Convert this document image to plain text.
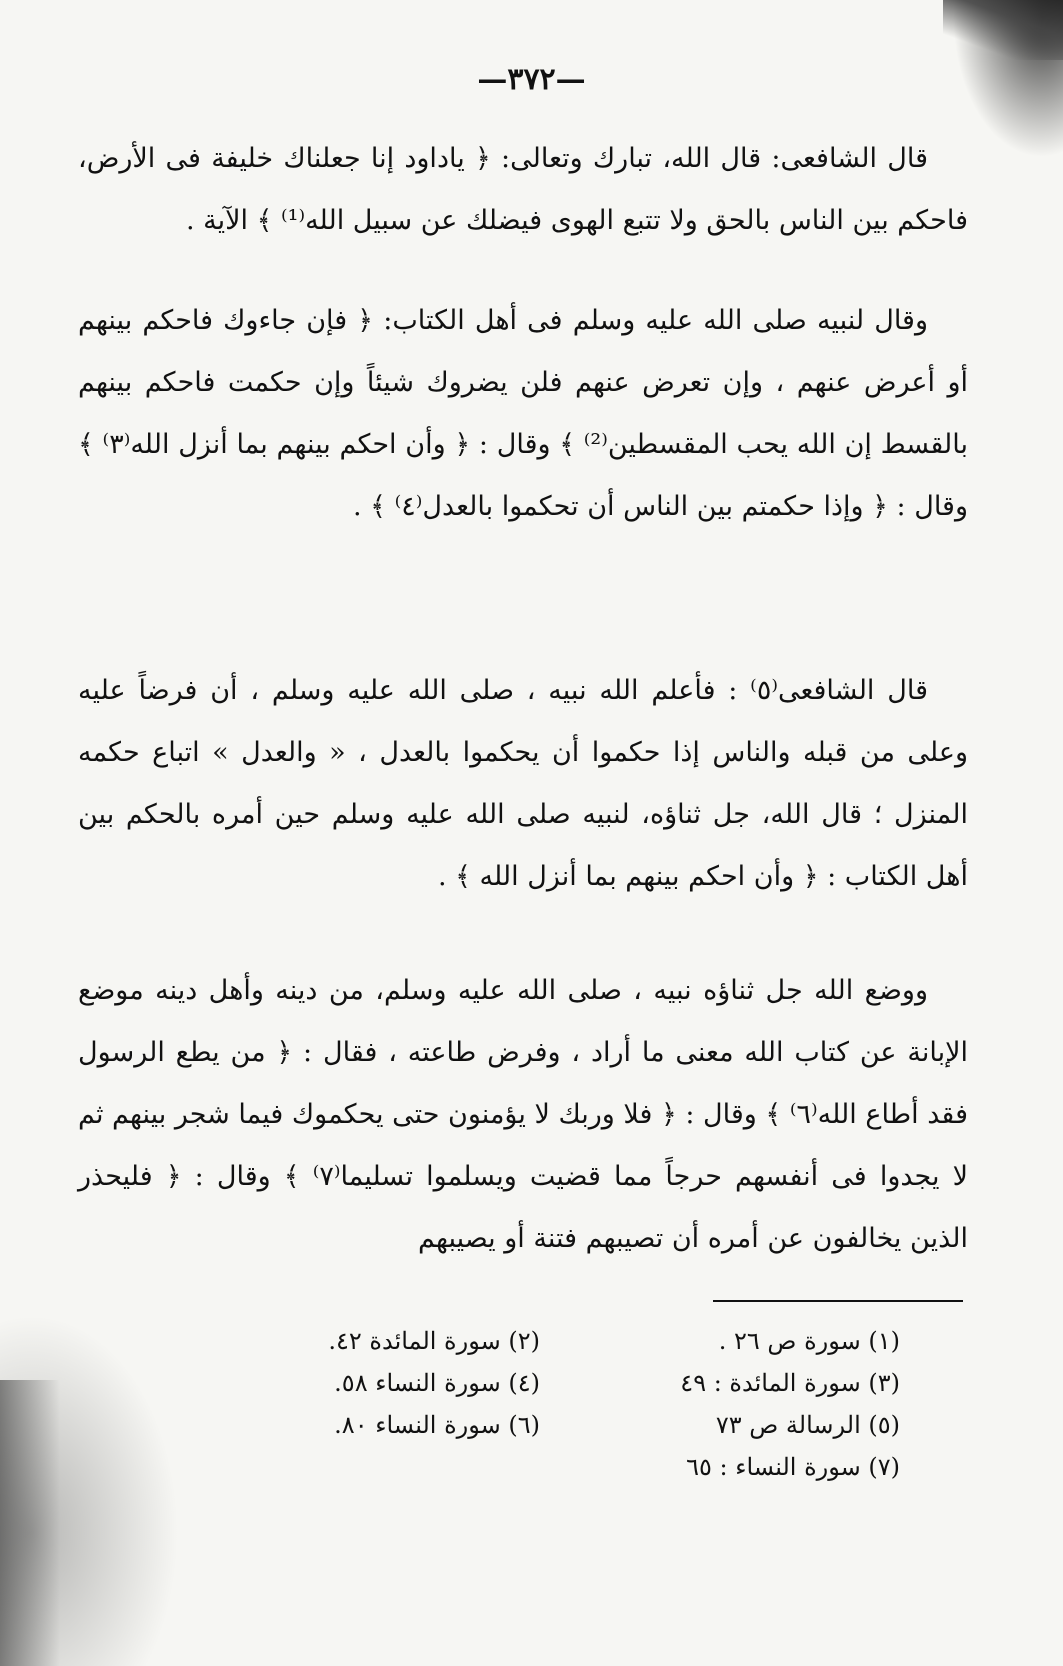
—٣٧٢—

قال الشافعى: قال الله، تبارك وتعالى: ﴿ ياداود إنا جعلناك خليفة فى الأرض، فاحكم بين الناس بالحق ولا تتبع الهوى فيضلك عن سبيل الله⁽¹⁾ ﴾ الآية .

وقال لنبيه صلى الله عليه وسلم فى أهل الكتاب: ﴿ فإن جاءوك فاحكم بينهم أو أعرض عنهم ، وإن تعرض عنهم فلن يضروك شيئاً وإن حكمت فاحكم بينهم بالقسط إن الله يحب المقسطين⁽²⁾ ﴾ وقال : ﴿ وأن احكم بينهم بما أنزل الله⁽٣⁾ ﴾ وقال : ﴿ وإذا حكمتم بين الناس أن تحكموا بالعدل⁽٤⁾ ﴾ .

قال الشافعى⁽٥⁾ : فأعلم الله نبيه ، صلى الله عليه وسلم ، أن فرضاً عليه وعلى من قبله والناس إذا حكموا أن يحكموا بالعدل ، « والعدل » اتباع حكمه المنزل ؛ قال الله، جل ثناؤه، لنبيه صلى الله عليه وسلم حين أمره بالحكم بين أهل الكتاب : ﴿ وأن احكم بينهم بما أنزل الله ﴾ .

ووضع الله جل ثناؤه نبيه ، صلى الله عليه وسلم، من دينه وأهل دينه موضع الإبانة عن كتاب الله معنى ما أراد ، وفرض طاعته ، فقال : ﴿ من يطع الرسول فقد أطاع الله⁽٦⁾ ﴾ وقال : ﴿ فلا وربك لا يؤمنون حتى يحكموك فيما شجر بينهم ثم لا يجدوا فى أنفسهم حرجاً مما قضيت ويسلموا تسليما⁽٧⁾ ﴾ وقال : ﴿ فليحذر الذين يخالفون عن أمره أن تصيبهم فتنة أو يصيبهم

(١) سورة ص ٢٦ .
(٢) سورة المائدة ٤٢.
(٣) سورة المائدة : ٤٩
(٤) سورة النساء ٥٨.
(٥) الرسالة ص ٧٣
(٦) سورة النساء ٨٠.
(٧) سورة النساء : ٦٥
